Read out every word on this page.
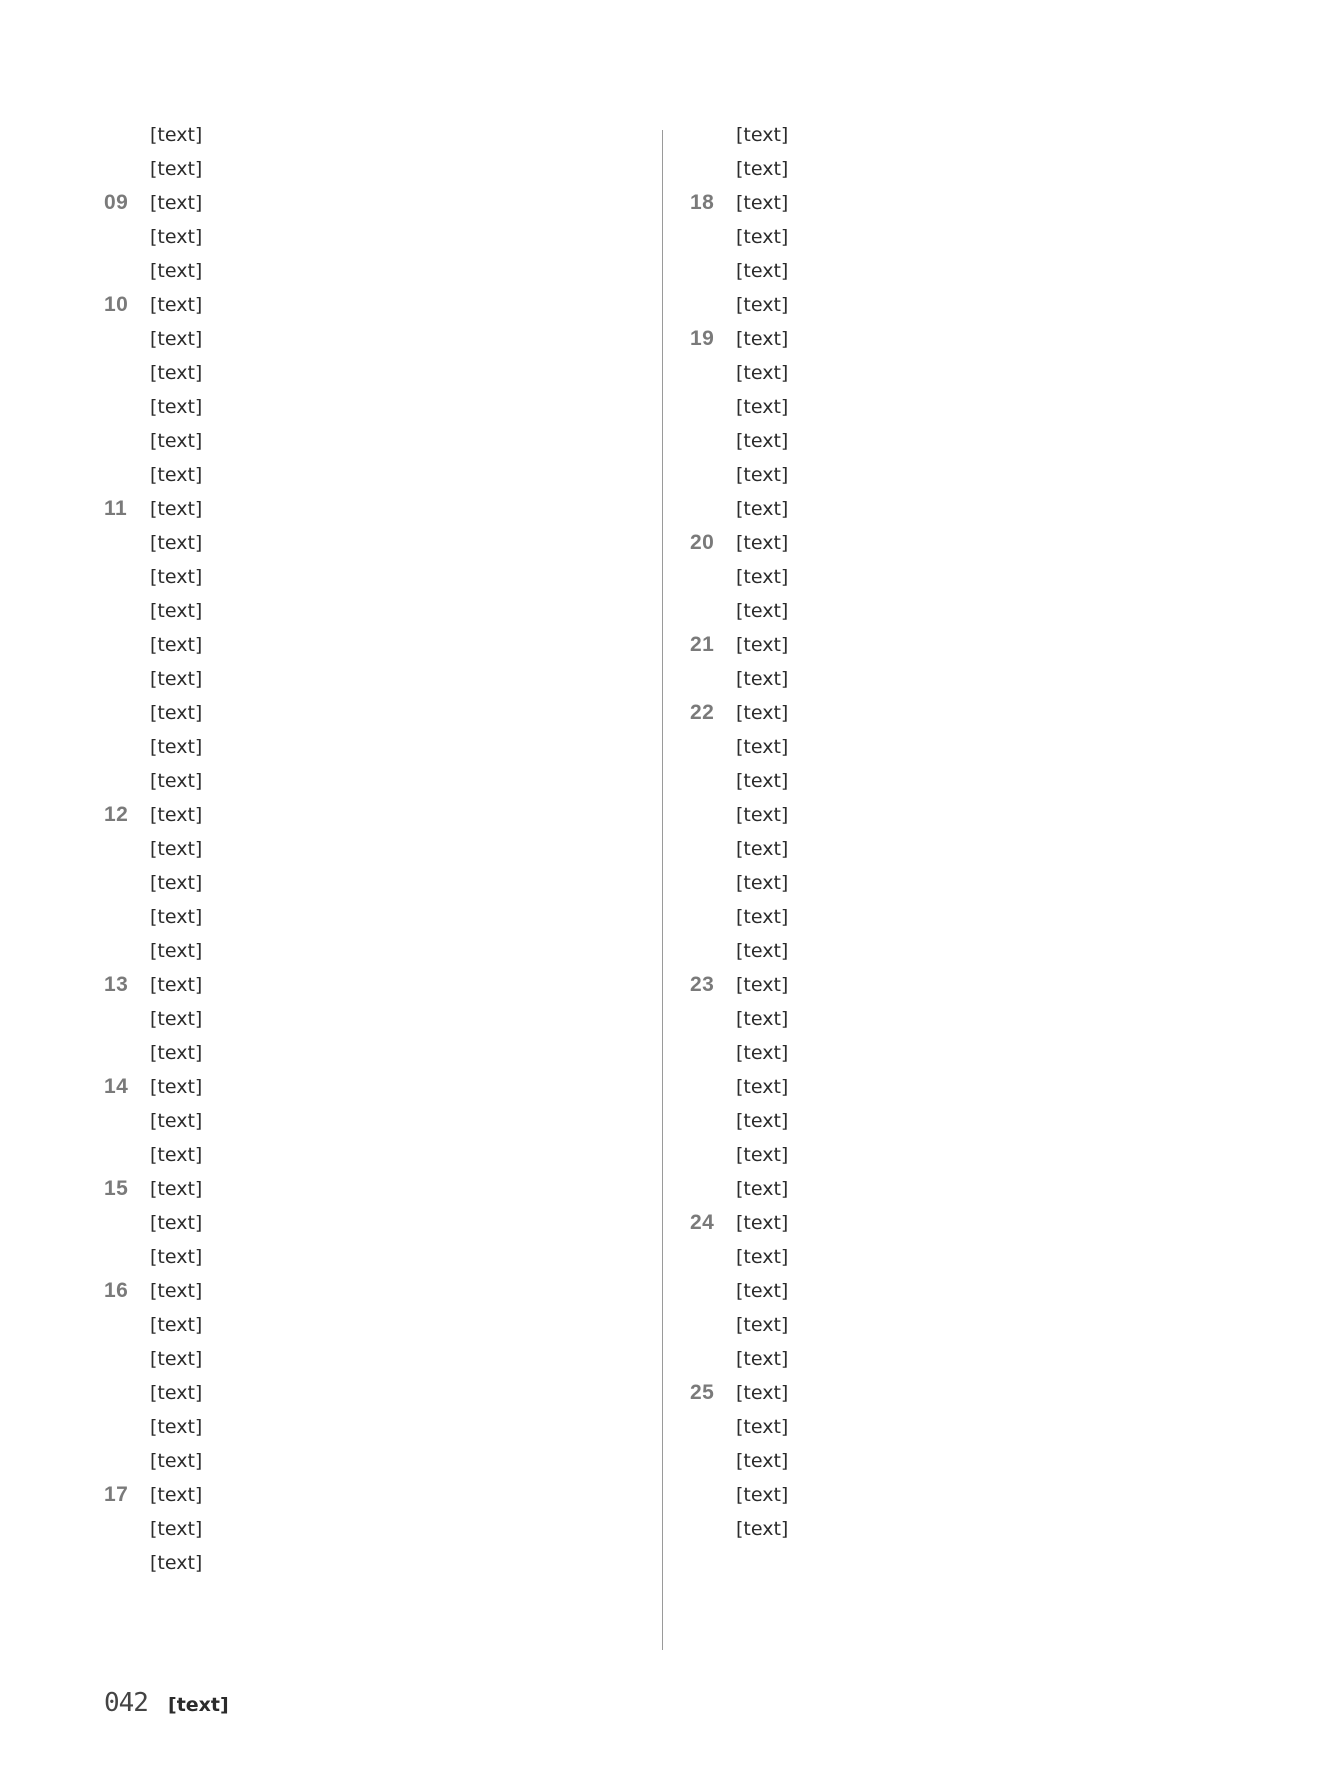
[text]
[text]
09 [text]
[text]
[text]
10 [text]
[text]
[text]
[text]
[text]
[text]
11 [text]
[text]
[text]
[text]
[text]
[text]
[text]
[text]
[text]
12 [text]
[text]
[text]
[text]
[text]
13 [text]
[text]
[text]
14 [text]
[text]
[text]
15 [text]
[text]
[text]
16 [text]
[text]
[text]
[text]
[text]
[text]
17 [text]
[text]
[text]
[text]
[text]
18 [text]
[text]
[text]
[text]
19 [text]
[text]
[text]
[text]
[text]
[text]
20 [text]
[text]
[text]
21 [text]
[text]
22 [text]
[text]
[text]
[text]
[text]
[text]
[text]
[text]
23 [text]
[text]
[text]
[text]
[text]
[text]
[text]
24 [text]
[text]
[text]
[text]
[text]
25 [text]
[text]
[text]
[text]
[text]
042 [text]
